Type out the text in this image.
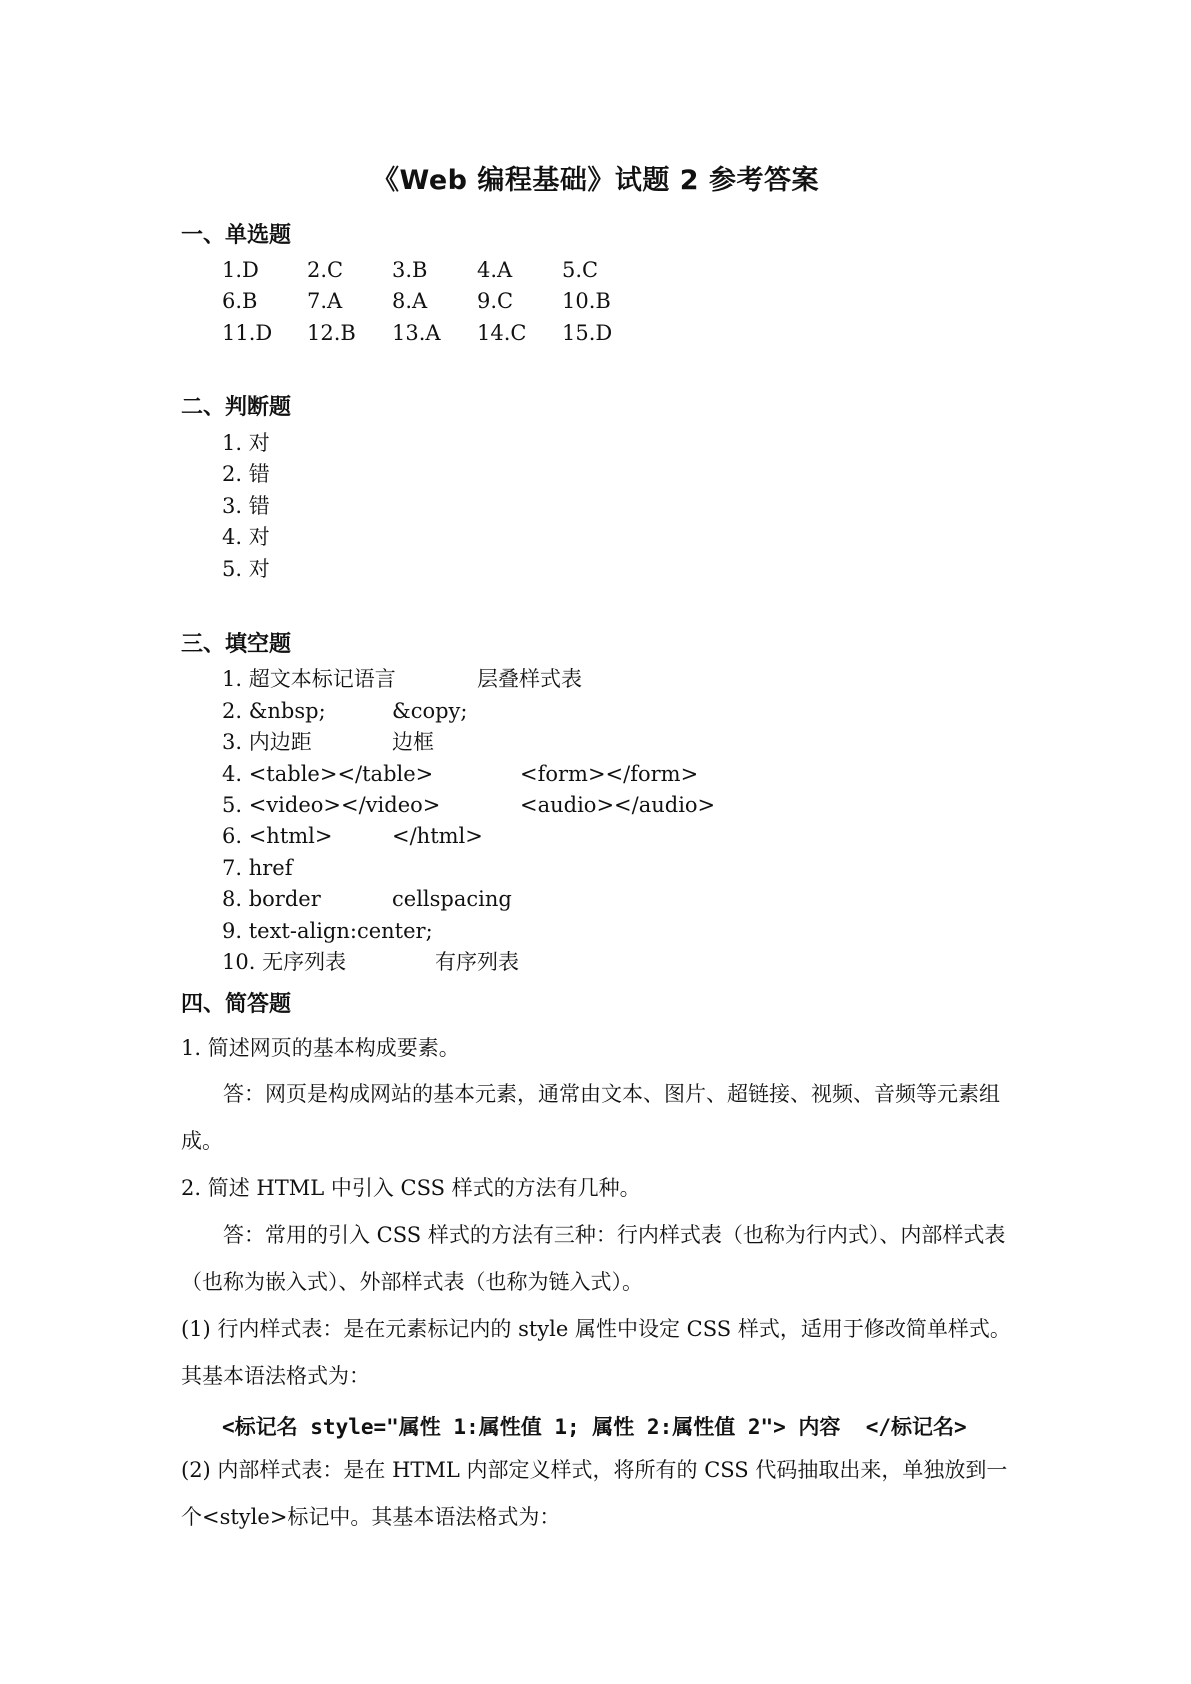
《Web 编程基础》试题 2 参考答案
一、单选题
1.D 2.C 3.B 4.A 5.C
6.B 7.A 8.A 9.C 10.B
11.D 12.B 13.A 14.C 15.D
二、判断题
1. 对
2. 错
3. 错
4. 对
5. 对
三、填空题
1. 超文本标记语言	层叠样式表
2. &nbsp;	&copy;
3. 内边距	边框
4. <table></table>	<form></form>
5. <video></video>	<audio></audio>
6. <html>	</html>
7. href
8. border	cellspacing
9. text-align:center;
10. 无序列表	有序列表
四、简答题
1. 简述网页的基本构成要素。
答：网页是构成网站的基本元素，通常由文本、图片、超链接、视频、音频等元素组成。
2. 简述 HTML 中引入 CSS 样式的方法有几种。
答：常用的引入 CSS 样式的方法有三种：行内样式表（也称为行内式）、内部样式表（也称为嵌入式）、外部样式表（也称为链入式）。
(1) 行内样式表：是在元素标记内的 style 属性中设定 CSS 样式，适用于修改简单样式。其基本语法格式为：
<标记名 style="属性 1:属性值 1; 属性 2:属性值 2"> 内容  </标记名>
(2) 内部样式表：是在 HTML 内部定义样式，将所有的 CSS 代码抽取出来，单独放到一个<style>标记中。其基本语法格式为：
